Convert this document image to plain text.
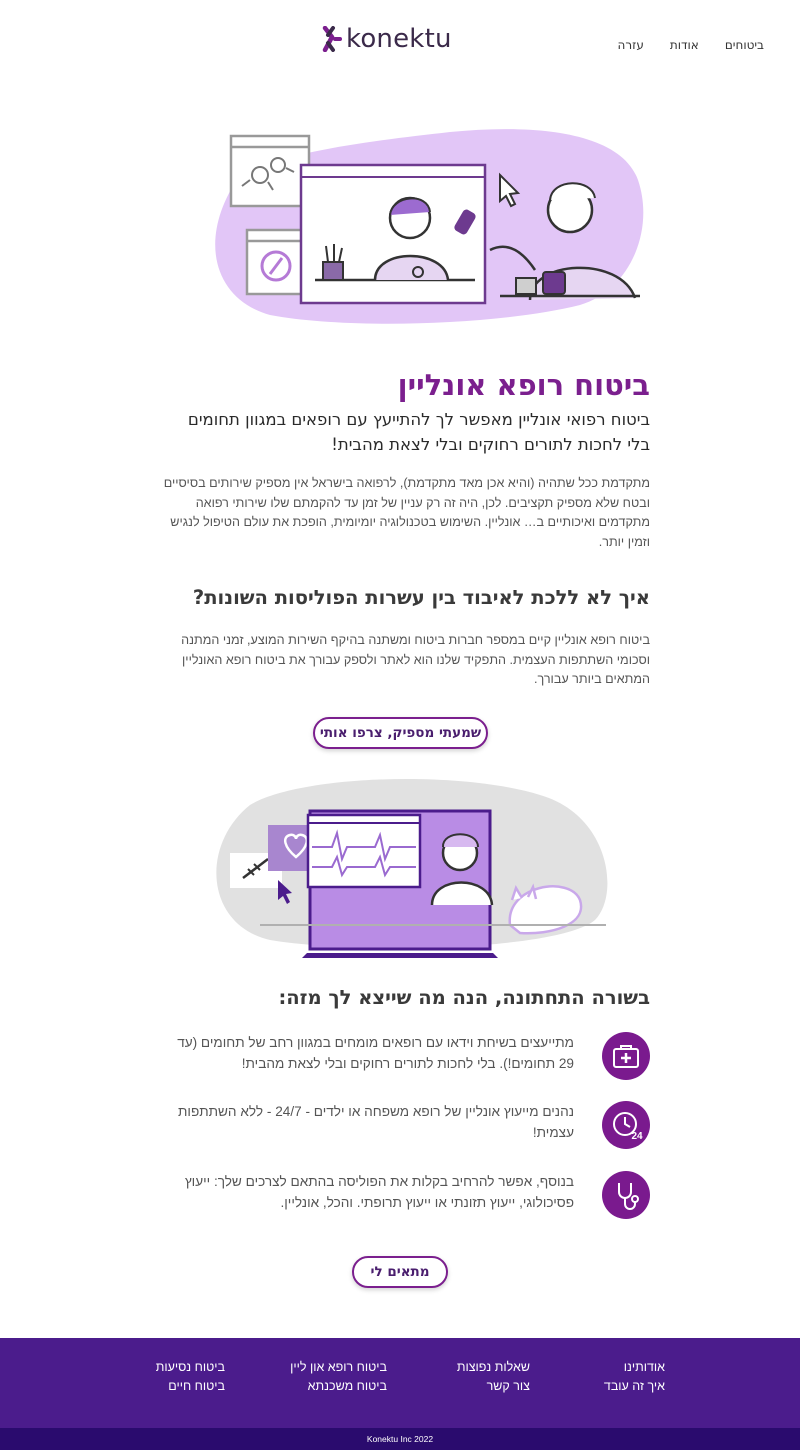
konektu	ביטוחים
אודות
עזרה
ביטוח רופא אונליין

ביטוח רפואי אונליין מאפשר לך להתייעץ עם רופאים במגוון תחומים בלי לחכות לתורים רחוקים ובלי לצאת מהבית!

מתקדמת ככל שתהיה (והיא אכן מאד מתקדמת), לרפואה בישראל אין מספיק שירותים בסיסיים ובטח שלא מספיק תקציבים. לכן, היה זה רק עניין של זמן עד להקמתם שלו שירותי רפואה מתקדמים ואיכותיים ב… אונליין. השימוש בטכנולוגיה יומיומית, הופכת את עולם הטיפול לנגיש וזמין יותר.

איך לא ללכת לאיבוד בין עשרות הפוליסות השונות?

ביטוח רופא אונליין קיים במספר חברות ביטוח ומשתנה בהיקף השירות המוצע, זמני המתנה וסכומי השתתפות העצמית. התפקיד שלנו הוא לאתר ולספק עבורך את ביטוח רופא האונליין המתאים ביותר עבורך.

שמעתי מספיק, צרפו אותי
בשורה התחתונה, הנה מה שייצא לך מזה:

מתייעצים בשיחת וידאו עם רופאים מומחים במגוון רחב של תחומים (עד 29 תחומים!). בלי לחכות לתורים רחוקים ובלי לצאת מהבית!

24

נהנים מייעוץ אונליין של רופא משפחה או ילדים - 24/7 - ללא השתתפות עצמית!

בנוסף, אפשר להרחיב בקלות את הפוליסה בהתאם לצרכים שלך: ייעוץ פסיכולוגי, ייעוץ תזונתי או ייעוץ תרופתי. והכל, אונליין.

מתאים לי
אודותינו
איך זה עובד
שאלות נפוצות
צור קשר
ביטוח רופא און ליין
ביטוח משכנתא
ביטוח נסיעות
ביטוח חיים
Konektu Inc 2022
